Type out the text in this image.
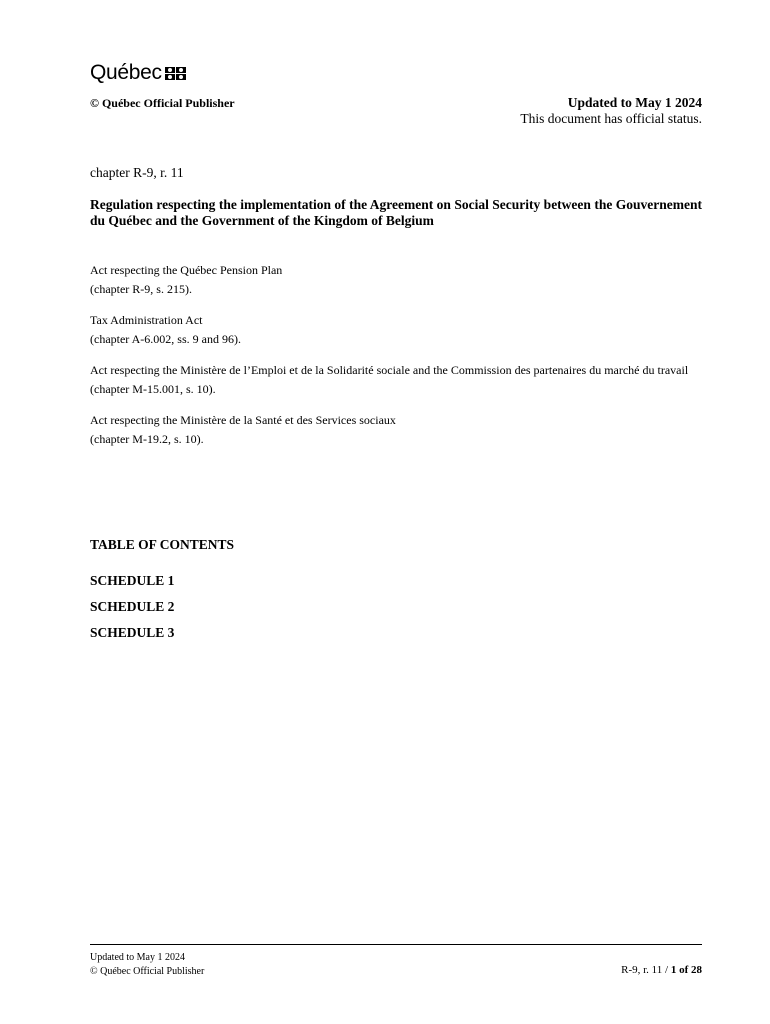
Québec
© Québec Official Publisher	Updated to May 1 2024
This document has official status.
chapter R-9, r. 11
Regulation respecting the implementation of the Agreement on Social Security between the Gouvernement du Québec and the Government of the Kingdom of Belgium
Act respecting the Québec Pension Plan
(chapter R-9, s. 215).
Tax Administration Act
(chapter A-6.002, ss. 9 and 96).
Act respecting the Ministère de l’Emploi et de la Solidarité sociale and the Commission des partenaires du marché du travail
(chapter M-15.001, s. 10).
Act respecting the Ministère de la Santé et des Services sociaux
(chapter M-19.2, s. 10).
TABLE OF CONTENTS
SCHEDULE 1
SCHEDULE 2
SCHEDULE 3
Updated to May 1 2024
© Québec Official Publisher	R-9, r. 11 / 1 of 28
